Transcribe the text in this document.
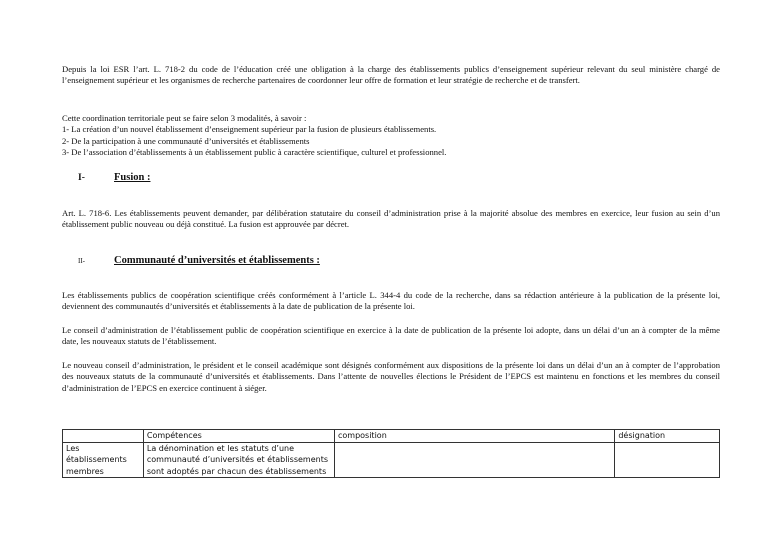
Depuis la loi ESR l’art. L. 718-2 du code de l’éducation créé une obligation à la charge des établissements publics d’enseignement supérieur relevant du seul ministère chargé de l’enseignement supérieur et les organismes de recherche partenaires de coordonner leur offre de formation et leur stratégie de recherche et de transfert.

Cette coordination territoriale peut se faire selon 3 modalités, à savoir :

1- La création d’un nouvel établissement d’enseignement supérieur par la fusion de plusieurs établissements.

2- De la participation à une communauté d’universités et établissements

3- De l’association d’établissements à un établissement public à caractère scientifique, culturel et professionnel.

I-	Fusion :

Art. L. 718-6. Les établissements peuvent demander, par délibération statutaire du conseil d’administration prise à la majorité absolue des membres en exercice, leur fusion au sein d’un établissement public nouveau ou déjà constitué. La fusion est approuvée par décret.

II-	Communauté d’universités et établissements :

Les établissements publics de coopération scientifique créés conformément à l’article L. 344-4 du code de la recherche, dans sa rédaction antérieure à la publication de la présente loi, deviennent des communautés d’universités et établissements à la date de publication de la présente loi.

Le conseil d’administration de l’établissement public de coopération scientifique en exercice à la date de publication de la présente loi adopte, dans un délai d’un an à compter de la même date, les nouveaux statuts de l’établissement.

Le nouveau conseil d’administration, le président et le conseil académique sont désignés conformément aux dispositions de la présente loi dans un délai d’un an à compter de l’approbation des nouveaux statuts de la communauté d’universités et établissements. Dans l’attente de nouvelles élections le Président de l’EPCS est maintenu en fonctions et les membres du conseil d’administration de l’EPCS en exercice continuent à siéger.

	Compétences	composition	désignation
Les établissements membres	La dénomination et les statuts d’une communauté d’universités et établissements sont adoptés par chacun des établissements		
